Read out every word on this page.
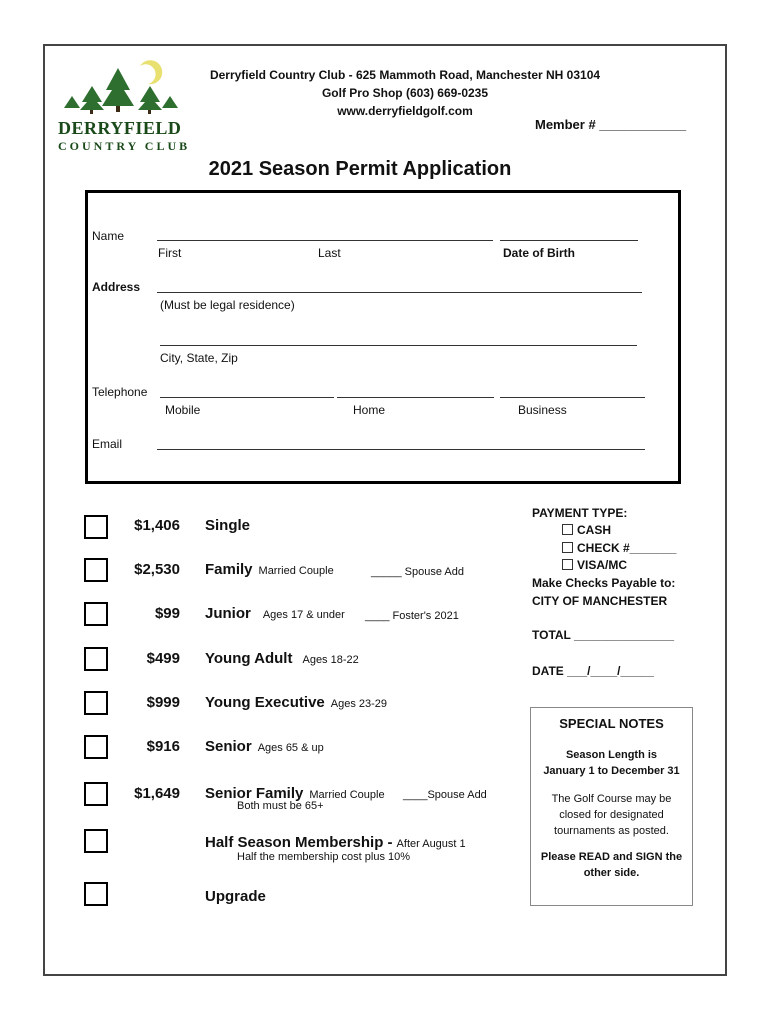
DERRYFIELD
COUNTRY CLUB
Derryfield Country Club - 625 Mammoth Road, Manchester NH 03104
Golf Pro Shop (603) 669-0235
www.derryfieldgolf.com
Member # ____________
2021 Season Permit Application
Name
First	Last	Date of Birth
Address
(Must be legal residence)
City, State, Zip
Telephone
Mobile	Home	Business
Email
$1,406 Single
$2,530 Family Married Couple	_____ Spouse Add
$99 Junior Ages 17 & under ____ Foster's 2021
$499 Young Adult Ages 18-22
$999 Young Executive Ages 23-29
$916 Senior Ages 65 & up
$1,649 Senior Family Married Couple ____Spouse Add
Both must be 65+
Half Season Membership - After August 1
Half the membership cost plus 10%
Upgrade
PAYMENT TYPE:
CASH
CHECK #_______
VISA/MC
Make Checks Payable to:
CITY OF MANCHESTER
TOTAL _______________
DATE ___/____/_____
SPECIAL NOTES
Season Length is
January 1 to December 31
The Golf Course may be closed for designated tournaments as posted.
Please READ and SIGN the other side.
